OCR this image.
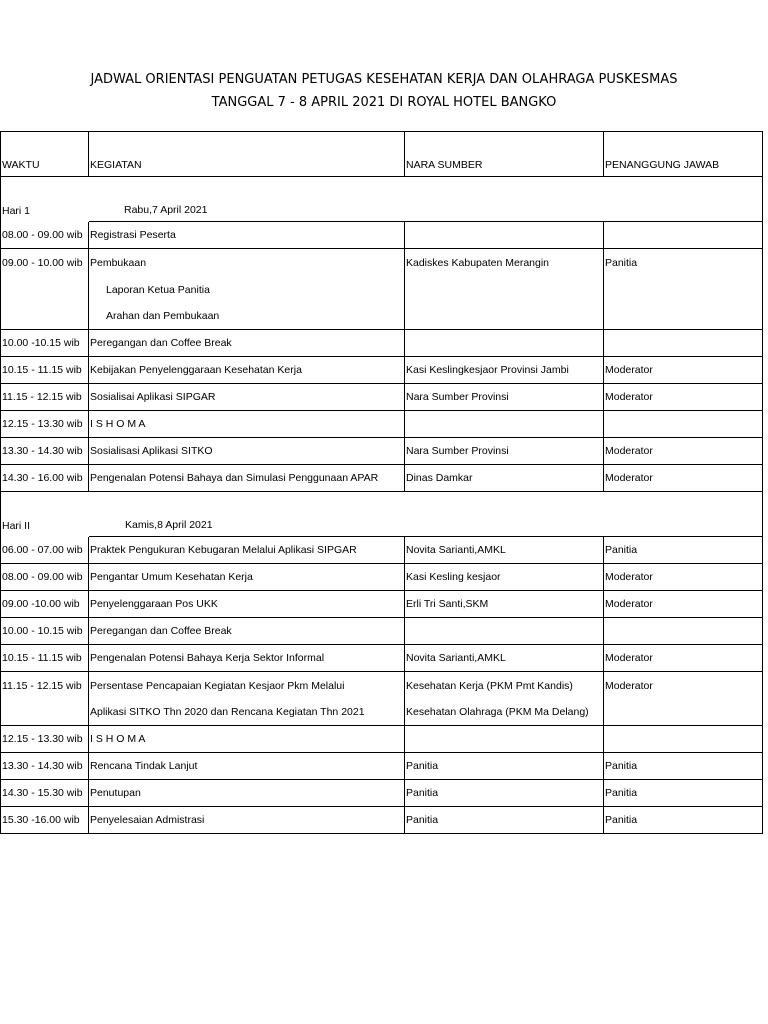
JADWAL ORIENTASI PENGUATAN PETUGAS KESEHATAN KERJA DAN OLAHRAGA PUSKESMAS
TANGGAL 7 - 8 APRIL 2021 DI ROYAL HOTEL BANGKO
WAKTU	KEGIATAN	NARA SUMBER	PENANGGUNG JAWAB
Hari 1	Rabu,7 April 2021
08.00 - 09.00 wib Registrasi Peserta
09.00 - 10.00 wib Pembukaan	Kadiskes Kabupaten Merangin	Panitia
Laporan Ketua Panitia
Arahan dan Pembukaan
10.00 -10.15 wib Peregangan dan Coffee Break
10.15 - 11.15 wib Kebijakan Penyelenggaraan Kesehatan Kerja	Kasi Keslingkesjaor Provinsi Jambi	Moderator
11.15 - 12.15 wib Sosialisai Aplikasi SIPGAR	Nara Sumber Provinsi	Moderator
12.15 - 13.30 wib I S H O M A
13.30 - 14.30 wib Sosialisasi Aplikasi SITKO	Nara Sumber Provinsi	Moderator
14.30 - 16.00 wib Pengenalan Potensi Bahaya dan Simulasi Penggunaan APAR	Dinas Damkar	Moderator
Hari II	Kamis,8 April 2021
06.00 - 07.00 wib Praktek Pengukuran Kebugaran Melalui Aplikasi SIPGAR	Novita Sarianti,AMKL	Panitia
08.00 - 09.00 wib Pengantar Umum Kesehatan Kerja	Kasi Kesling kesjaor	Moderator
09.00 -10.00 wib Penyelenggaraan Pos UKK	Erli Tri Santi,SKM	Moderator
10.00 - 10.15 wib Peregangan dan Coffee Break
10.15 - 11.15 wib Pengenalan Potensi Bahaya Kerja Sektor Informal	Novita Sarianti,AMKL	Moderator
11.15 - 12.15 wib Persentase Pencapaian Kegiatan Kesjaor Pkm Melalui	Kesehatan Kerja (PKM Pmt Kandis)	Moderator
Aplikasi SITKO Thn 2020 dan Rencana Kegiatan Thn 2021	Kesehatan Olahraga (PKM Ma Delang)
12.15 - 13.30 wib I S H O M A
13.30 - 14.30 wib Rencana Tindak Lanjut	Panitia	Panitia
14.30 - 15.30 wib Penutupan	Panitia	Panitia
15.30 -16.00 wib Penyelesaian Admistrasi	Panitia	Panitia
